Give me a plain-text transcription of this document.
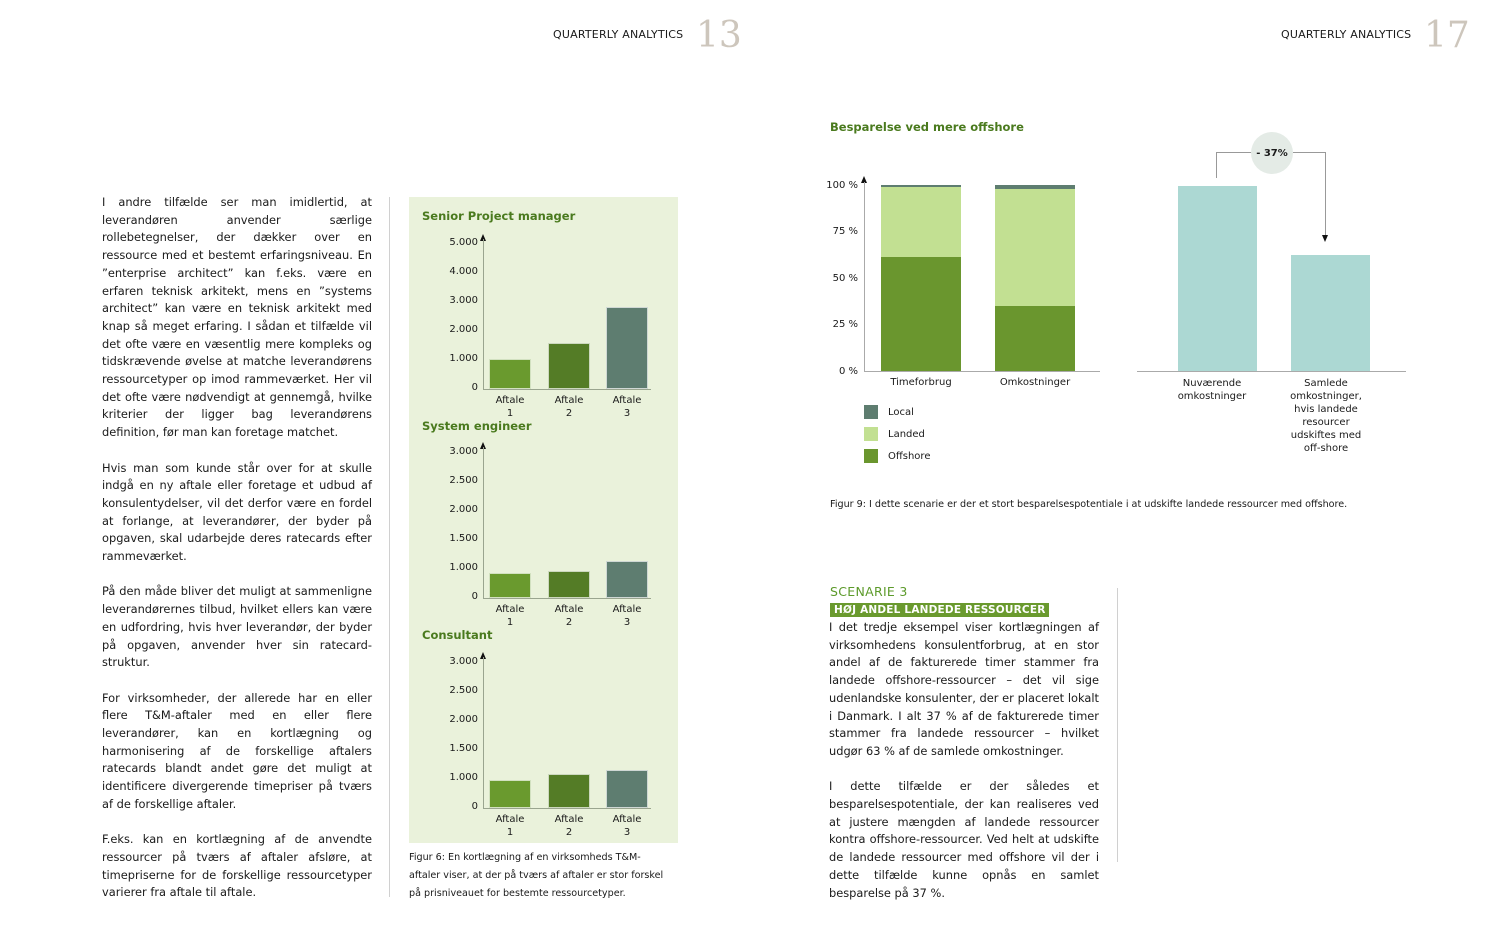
QUARTERLY ANALYTICS 13

I andre tilfælde ser man imidlertid, at leverandøren anvender særlige rollebetegnelser, der dækker over en ressource med et bestemt erfaringsniveau. En ”enterprise architect” kan f.eks. være en erfaren teknisk arkitekt, mens en ”systems architect” kan være en teknisk arkitekt med knap så meget erfaring. I sådan et tilfælde vil det ofte være en væsentlig mere kompleks og tidskrævende øvelse at matche leverandørens ressourcetyper op imod rammeværket. Her vil det ofte være nødvendigt at gennemgå, hvilke kriterier der ligger bag leverandørens definition, før man kan foretage matchet.

Hvis man som kunde står over for at skulle indgå en ny aftale eller foretage et udbud af konsulentydelser, vil det derfor være en fordel at forlange, at leverandører, der byder på opgaven, skal udarbejde deres ratecards efter rammeværket.

På den måde bliver det muligt at sammenligne leverandørernes tilbud, hvilket ellers kan være en udfordring, hvis hver leverandør, der byder på opgaven, anvender hver sin ratecard-struktur.

For virksomheder, der allerede har en eller flere T&M-aftaler med en eller flere leverandører, kan en kortlægning og harmonisering af de forskellige aftalers ratecards blandt andet gøre det muligt at identificere divergerende timepriser på tværs af de forskellige aftaler.

F.eks. kan en kortlægning af de anvendte ressourcer på tværs af aftaler afsløre, at timepriserne for de forskellige ressourcetyper varierer fra aftale til aftale.

Senior Project manager
5.000
4.000
3.000
2.000
1.000
0
Aftale
1
Aftale
2
Aftale
3
System engineer
3.000
2.500
2.000
1.500
1.000
0
Aftale
1
Aftale
2
Aftale
3
Consultant
3.000
2.500
2.000
1.500
1.000
0
Aftale
1
Aftale
2
Aftale
3
Figur 6: En kortlægning af en virksomheds T&M-aftaler viser, at der på tværs af aftaler er stor forskel på prisniveauet for bestemte ressourcetyper.
QUARTERLY ANALYTICS 17
Besparelse ved mere offshore
100 %
75 %
50 %
25 %
0 %
Timeforbrug	Omkostninger
Local
Landed
Offshore
- 37%
Nuværende omkostninger
Samlede omkostninger, hvis landede resourcer udskiftes med off-shore
Figur 9: I dette scenarie er der et stort besparelsespotentiale i at udskifte landede ressourcer med offshore.
SCENARIE 3
HØJ ANDEL LANDEDE RESSOURCER

I det tredje eksempel viser kortlægningen af virksomhedens konsulentforbrug, at en stor andel af de fakturerede timer stammer fra landede offshore-ressourcer – det vil sige udenlandske konsulenter, der er placeret lokalt i Danmark. I alt 37 % af de fakturerede timer stammer fra landede ressourcer – hvilket udgør 63 % af de samlede omkostninger.

I dette tilfælde er der således et besparelsespotentiale, der kan realiseres ved at justere mængden af landede ressourcer kontra offshore-ressourcer. Ved helt at udskifte de landede ressourcer med offshore vil der i dette tilfælde kunne opnås en samlet besparelse på 37 %.
